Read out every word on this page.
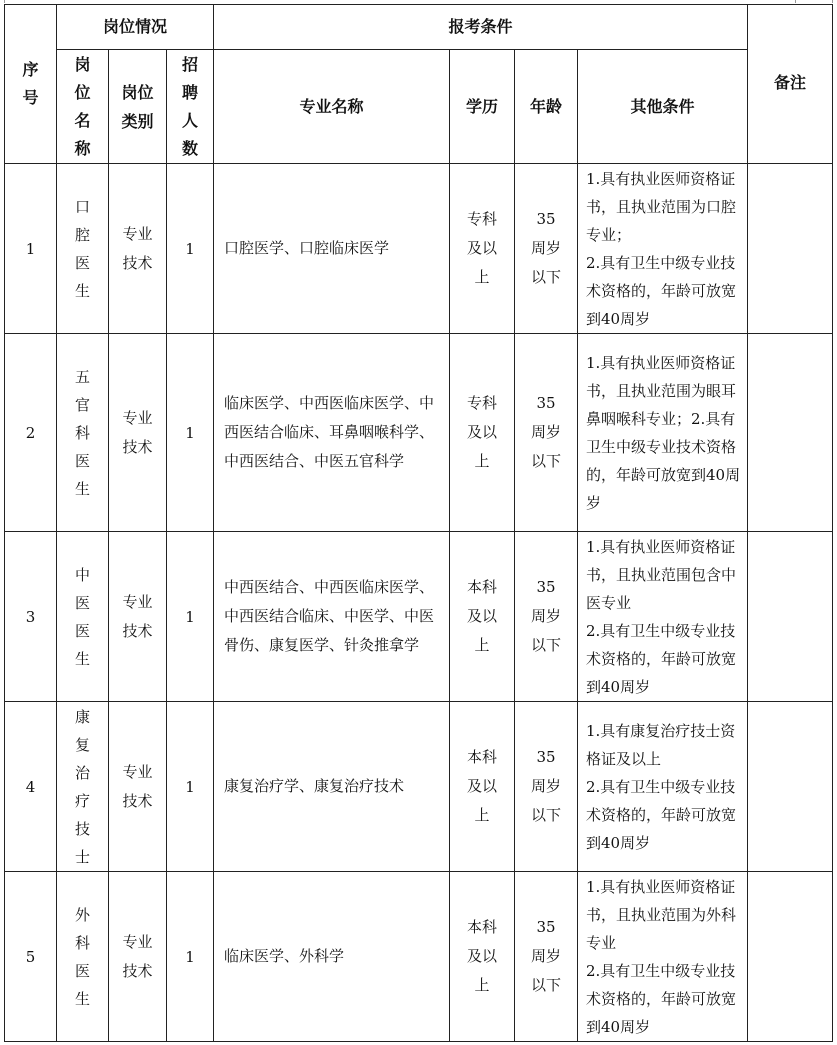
序号	岗位情况			报考条件				备注
	岗位名称	岗位类别	招聘人数	专业名称	学历	年龄	其他条件	
1	口腔医生	专业技术	1	口腔医学、口腔临床医学	专科及以上	35周岁以下	1.具有执业医师资格证书，且执业范围为口腔专业；
2.具有卫生中级专业技术资格的，年龄可放宽到40周岁	

2	五官科医生	专业技术	1	临床医学、中西医临床医学、中西医结合临床、耳鼻咽喉科学、中西医结合、中医五官科学	专科及以上	35周岁以下	1.具有执业医师资格证书，且执业范围为眼耳鼻咽喉科专业；2.具有卫生中级专业技术资格的，年龄可放宽到40周岁	

3	中医医生	专业技术	1	中西医结合、中西医临床医学、中西医结合临床、中医学、中医骨伤、康复医学、针灸推拿学	本科及以上	35周岁以下	1.具有执业医师资格证书，且执业范围包含中医专业
2.具有卫生中级专业技术资格的，年龄可放宽到40周岁	

4	康复治疗技士	专业技术	1	康复治疗学、康复治疗技术	本科及以上	35周岁以下	1.具有康复治疗技士资格证及以上
2.具有卫生中级专业技术资格的，年龄可放宽到40周岁	

5	外科医生	专业技术	1	临床医学、外科学	本科及以上	35周岁以下	1.具有执业医师资格证书，且执业范围为外科专业
2.具有卫生中级专业技术资格的，年龄可放宽到40周岁	
